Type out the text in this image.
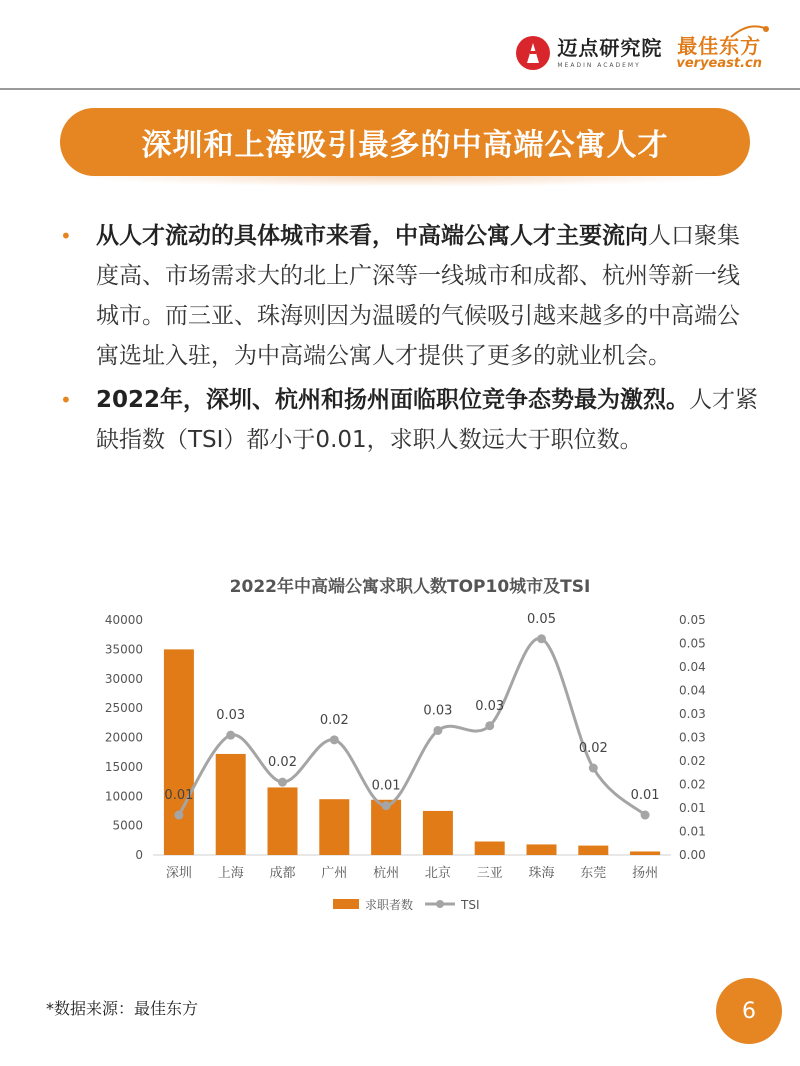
迈点研究院
MEADIN ACADEMY
最佳东方
veryeast.cn
深圳和上海吸引最多的中高端公寓人才
• 从人才流动的具体城市来看，中高端公寓人才主要流向人口聚集度高、市场需求大的北上广深等一线城市和成都、杭州等新一线城市。而三亚、珠海则因为温暖的气候吸引越来越多的中高端公寓选址入驻，为中高端公寓人才提供了更多的就业机会。
• 2022年，深圳、杭州和扬州面临职位竞争态势最为激烈。人才紧缺指数（TSI）都小于0.01，求职人数远大于职位数。
2022年中高端公寓求职人数TOP10城市及TSI
0
5000
10000
15000
20000
25000
30000
35000
40000
0.00
0.01
0.01
0.02
0.02
0.03
0.03
0.04
0.04
0.05
0.05
深圳 上海 成都 广州 杭州 北京 三亚 珠海 东莞 扬州
0.01
0.03
0.02
0.02
0.01
0.03 0.03
0.05
0.02
0.01
求职者数	TSI
*数据来源：最佳东方	6
